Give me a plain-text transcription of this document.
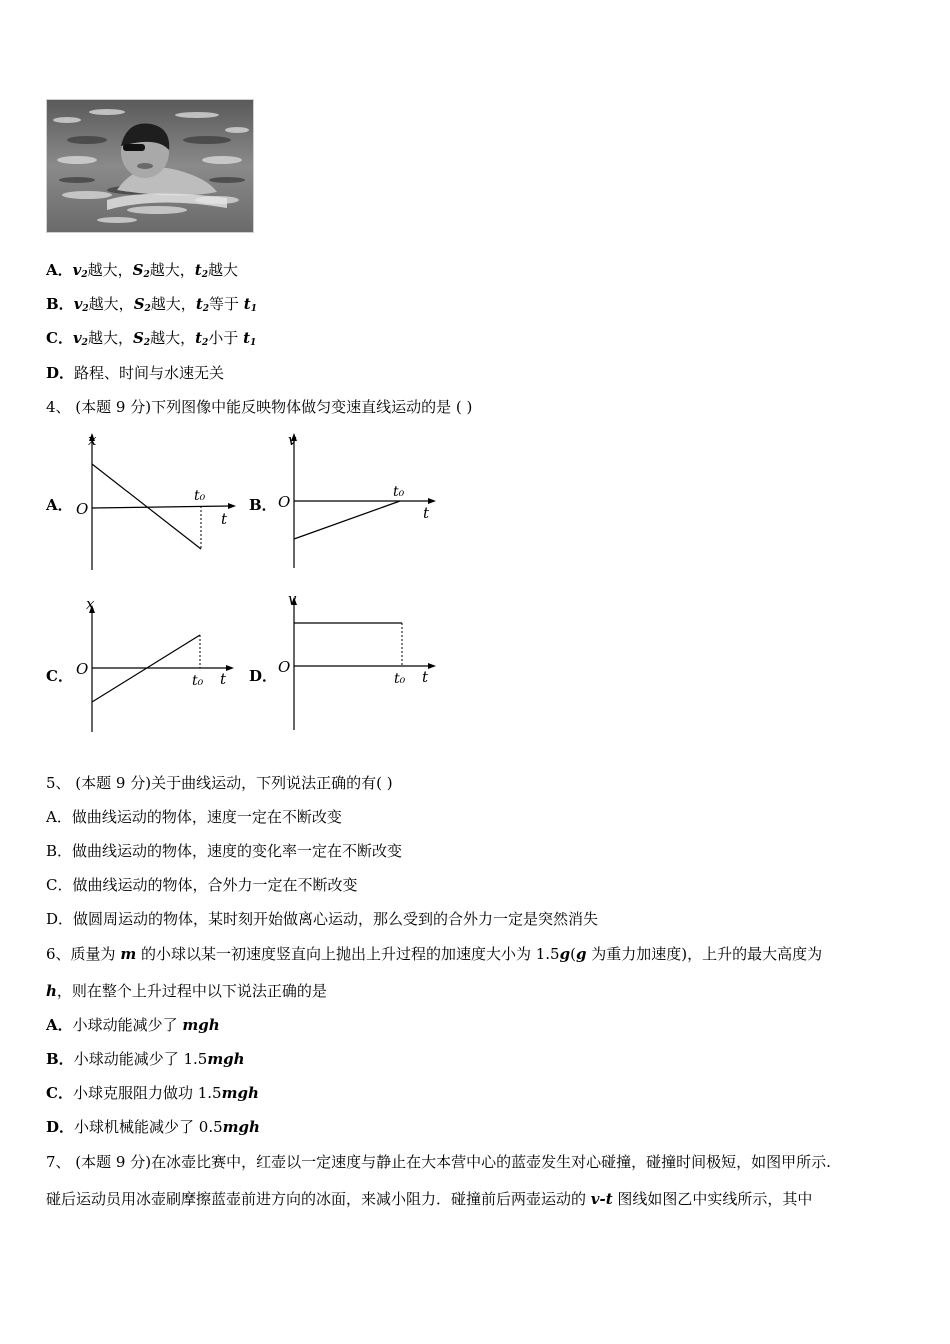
A．$v_2$越大，$S_2$越大，$t_2$越大
B．$v_2$越大，$S_2$越大，$t_2$等于 $t_1$
C．$v_2$越大，$S_2$越大，$t_2$小于 $t_1$
D．路程、时间与水速无关
4、 (本题 9 分)下列图像中能反映物体做匀变速直线运动的是 ( )
A．
x
O
t₀
t
B．
v
O
t₀
t
C．
x
O
t₀ t D．
v
O
t₀ t
5、 (本题 9 分)关于曲线运动，下列说法正确的有( )
A．做曲线运动的物体，速度一定在不断改变
B．做曲线运动的物体，速度的变化率一定在不断改变
C．做曲线运动的物体，合外力一定在不断改变
D．做圆周运动的物体，某时刻开始做离心运动，那么受到的合外力一定是突然消失
6、质量为 m 的小球以某一初速度竖直向上抛出上升过程的加速度大小为 1.5g(g 为重力加速度)，上升的最大高度为
h，则在整个上升过程中以下说法正确的是
A．小球动能减少了 mgh
B．小球动能减少了 1.5mgh
C．小球克服阻力做功 1.5mgh
D．小球机械能减少了 0.5mgh
7、 (本题 9 分)在冰壶比赛中，红壶以一定速度与静止在大本营中心的蓝壶发生对心碰撞，碰撞时间极短，如图甲所示.
碰后运动员用冰壶刷摩擦蓝壶前进方向的冰面，来减小阻力．碰撞前后两壶运动的 v-t 图线如图乙中实线所示，其中
